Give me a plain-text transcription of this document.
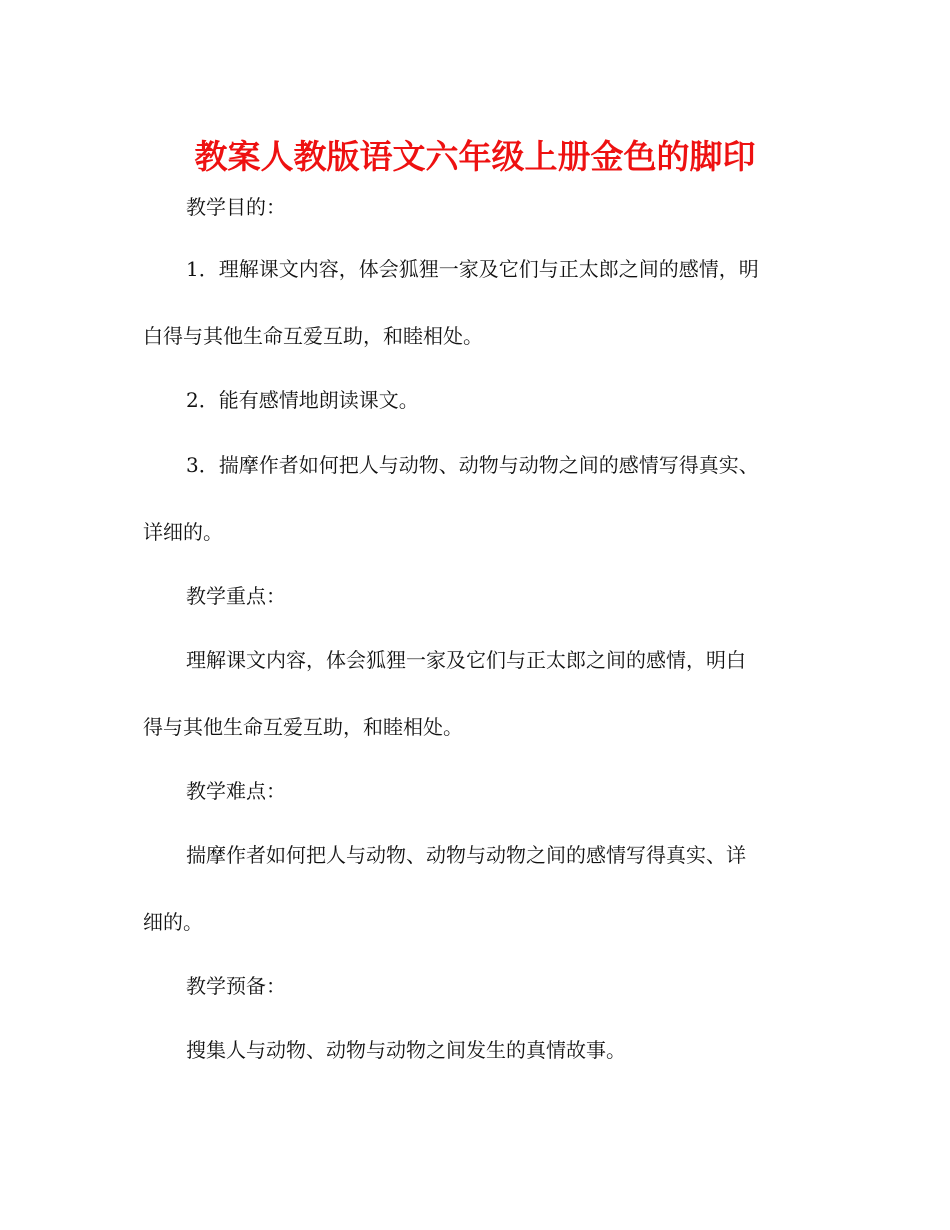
教案人教版语文六年级上册金色的脚印
教学目的：
1．理解课文内容，体会狐狸一家及它们与正太郎之间的感情，明
白得与其他生命互爱互助，和睦相处。
2．能有感情地朗读课文。
3．揣摩作者如何把人与动物、动物与动物之间的感情写得真实、
详细的。
教学重点：
理解课文内容，体会狐狸一家及它们与正太郎之间的感情，明白
得与其他生命互爱互助，和睦相处。
教学难点：
揣摩作者如何把人与动物、动物与动物之间的感情写得真实、详
细的。
教学预备：
搜集人与动物、动物与动物之间发生的真情故事。
